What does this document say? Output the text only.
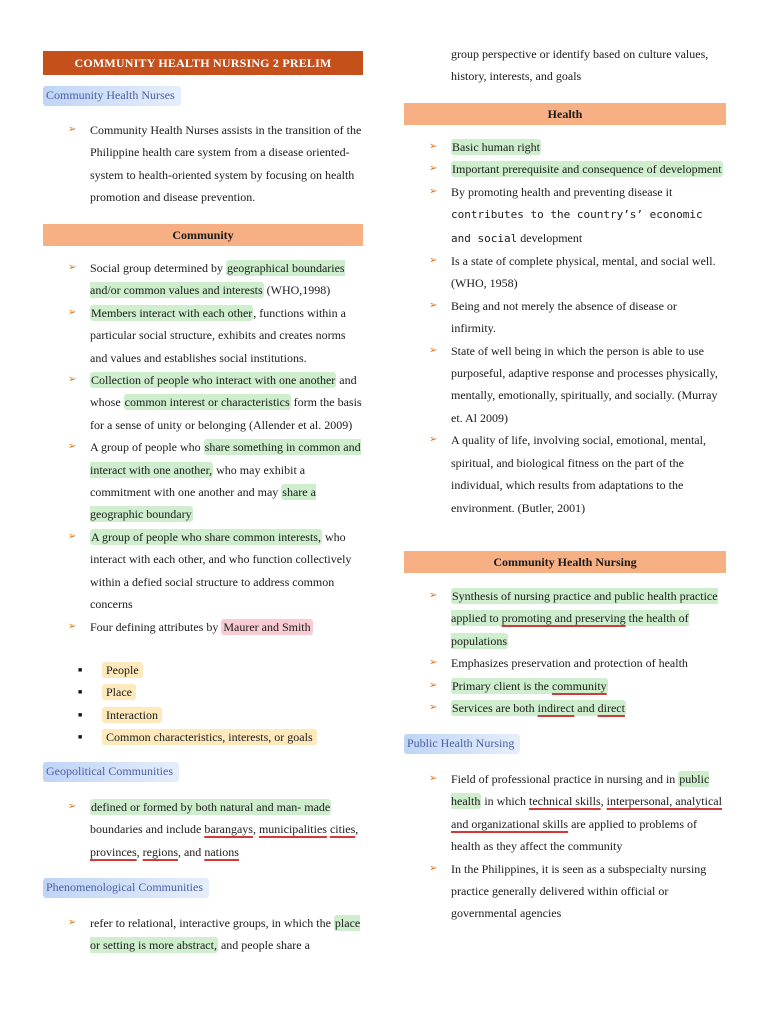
COMMUNITY HEALTH NURSING 2 PRELIM
Community Health Nurses
➢ Community Health Nurses assists in the transition of the Philippine health care system from a disease oriented-system to health-oriented system by focusing on health promotion and disease prevention.
Community
➢ Social group determined by geographical boundaries and/or common values and interests (WHO,1998)
➢ Members interact with each other, functions within a particular social structure, exhibits and creates norms and values and establishes social institutions.
➢ Collection of people who interact with one another and whose common interest or characteristics form the basis for a sense of unity or belonging (Allender et al. 2009)
➢ A group of people who share something in common and interact with one another, who may exhibit a commitment with one another and may share a geographic boundary
➢ A group of people who share common interests, who interact with each other, and who function collectively within a defied social structure to address common concerns
➢ Four defining attributes by Maurer and Smith
■ People
■ Place
■ Interaction
■ Common characteristics, interests, or goals
Geopolitical Communities
➢ defined or formed by both natural and man- made boundaries and include barangays, municipalities cities, provinces, regions, and nations
Phenomenological Communities
➢ refer to relational, interactive groups, in which the place or setting is more abstract, and people share a
group perspective or identify based on culture values, history, interests, and goals
Health
➢ Basic human right
➢ Important prerequisite and consequence of development
➢ By promoting health and preventing disease it contributes to the country’s’ economic and social development
➢ Is a state of complete physical, mental, and social well. (WHO, 1958)
➢ Being and not merely the absence of disease or infirmity.
➢ State of well being in which the person is able to use purposeful, adaptive response and processes physically, mentally, emotionally, spiritually, and socially. (Murray et. Al 2009)
➢ A quality of life, involving social, emotional, mental, spiritual, and biological fitness on the part of the individual, which results from adaptations to the environment. (Butler, 2001)
Community Health Nursing
➢ Synthesis of nursing practice and public health practice applied to promoting and preserving the health of populations
➢ Emphasizes preservation and protection of health
➢ Primary client is the community
➢ Services are both indirect and direct
Public Health Nursing
➢ Field of professional practice in nursing and in public health in which technical skills, interpersonal, analytical and organizational skills are applied to problems of health as they affect the community
➢ In the Philippines, it is seen as a subspecialty nursing practice generally delivered within official or governmental agencies
